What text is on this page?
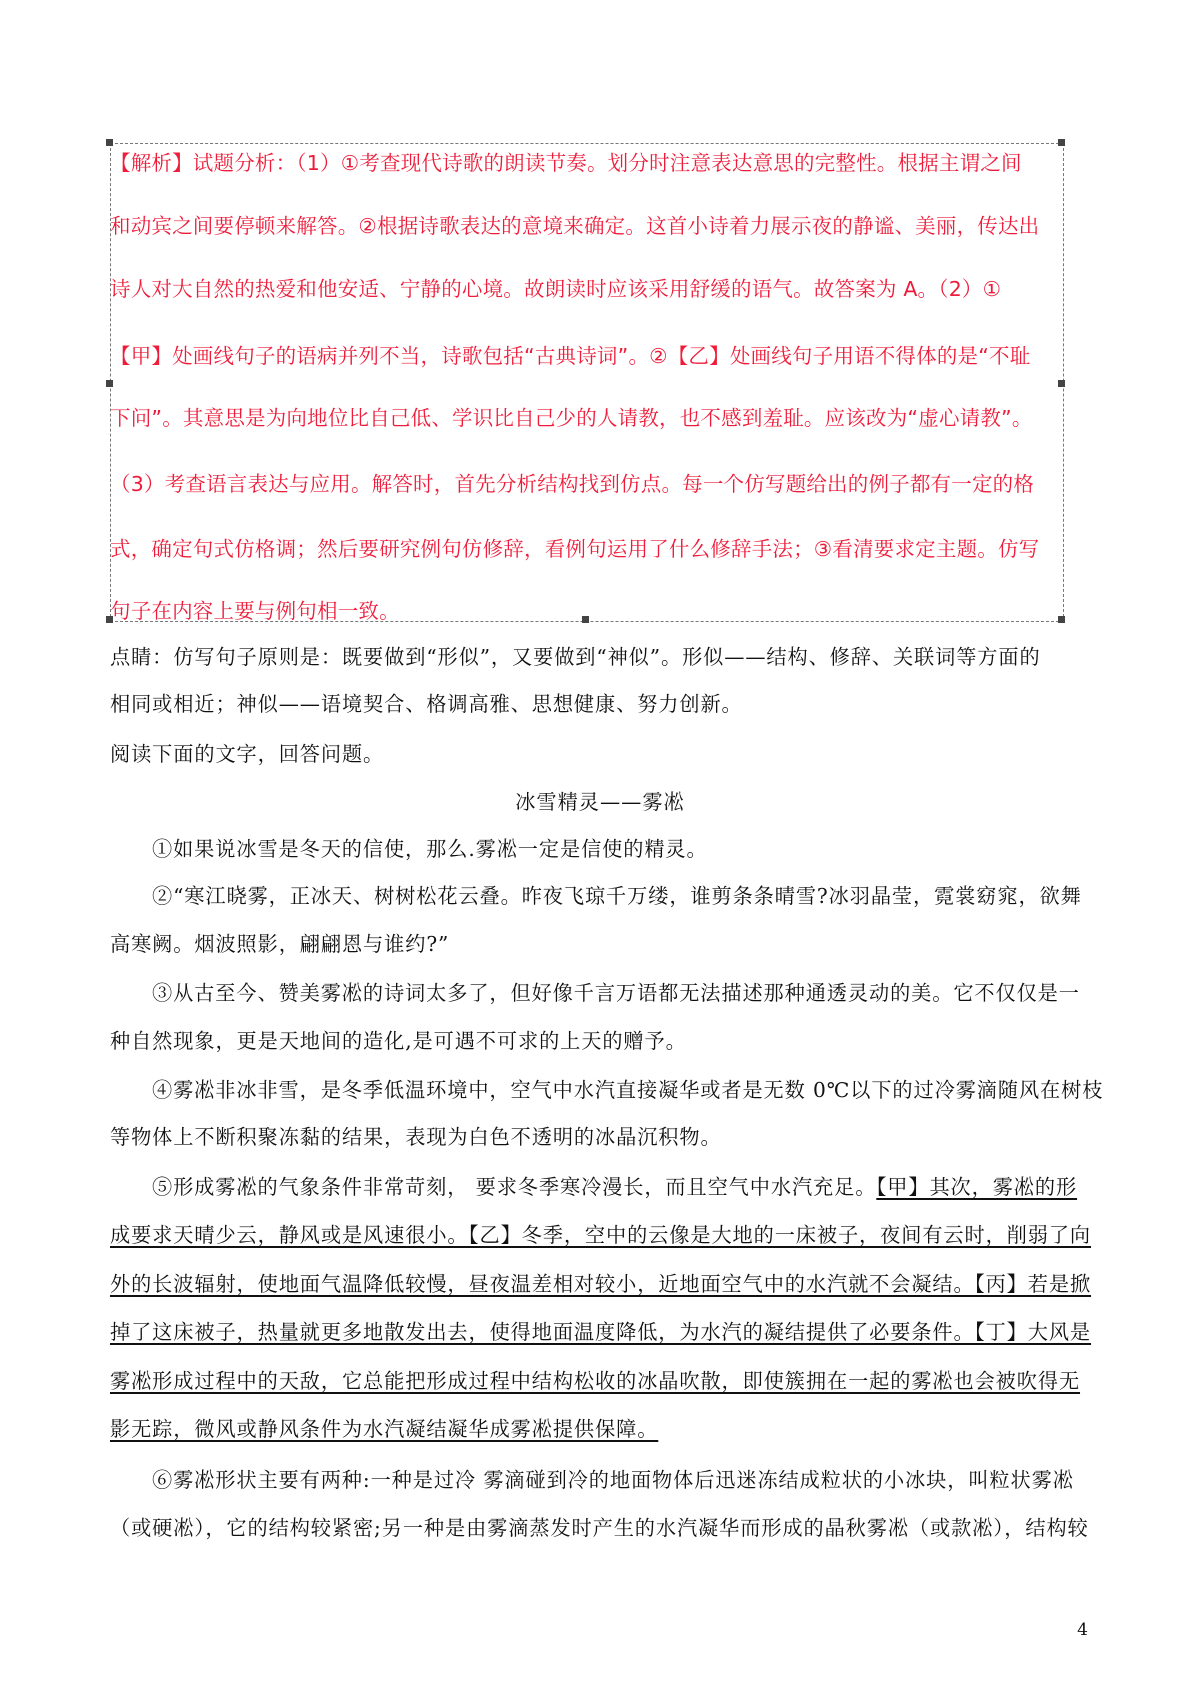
【解析】试题分析：（1）①考查现代诗歌的朗读节奏。划分时注意表达意思的完整性。根据主谓之间
和动宾之间要停顿来解答。②根据诗歌表达的意境来确定。这首小诗着力展示夜的静谧、美丽，传达出
诗人对大自然的热爱和他安适、宁静的心境。故朗读时应该采用舒缓的语气。故答案为 A。（2）①
【甲】处画线句子的语病并列不当，诗歌包括“古典诗词”。②【乙】处画线句子用语不得体的是“不耻
下问”。其意思是为向地位比自己低、学识比自己少的人请教，也不感到羞耻。应该改为“虚心请教”。
（3）考查语言表达与应用。解答时，首先分析结构找到仿点。每一个仿写题给出的例子都有一定的格
式，确定句式仿格调；然后要研究例句仿修辞，看例句运用了什么修辞手法；③看清要求定主题。仿写
句子在内容上要与例句相一致。
点睛：仿写句子原则是：既要做到“形似”，又要做到“神似”。形似——结构、修辞、关联词等方面的
相同或相近；神似——语境契合、格调高雅、思想健康、努力创新。
阅读下面的文字，回答问题。
冰雪精灵——雾凇
①如果说冰雪是冬天的信使，那么.雾凇一定是信使的精灵。
②“寒江晓雾，正冰天、树树松花云叠。昨夜飞琼千万缕，谁剪条条晴雪?冰羽晶莹，霓裳窈窕，欲舞
高寒阙。烟波照影，翩翩恩与谁约?”
③从古至今、赞美雾凇的诗词太多了，但好像千言万语都无法描述那种通透灵动的美。它不仅仅是一
种自然现象，更是天地间的造化,是可遇不可求的上天的赠予。
④雾凇非冰非雪，是冬季低温环境中，空气中水汽直接凝华或者是无数 0℃以下的过冷雾滴随风在树枝
等物体上不断积聚冻黏的结果，表现为白色不透明的冰晶沉积物。
⑤形成雾凇的气象条件非常苛刻， 要求冬季寒冷漫长，而且空气中水汽充足。【甲】其次，雾凇的形
成要求天晴少云，静风或是风速很小。【乙】冬季，空中的云像是大地的一床被子，夜间有云时，削弱了向
外的长波辐射，使地面气温降低较慢，昼夜温差相对较小，近地面空气中的水汽就不会凝结。【丙】若是掀
掉了这床被子，热量就更多地散发出去，使得地面温度降低，为水汽的凝结提供了必要条件。【丁】大风是
雾凇形成过程中的天敌，它总能把形成过程中结构松收的冰晶吹散，即使簇拥在一起的雾凇也会被吹得无
影无踪，微风或静风条件为水汽凝结凝华成雾凇提供保障。
⑥雾凇形状主要有两种:一种是过冷 雾滴碰到冷的地面物体后迅迷冻结成粒状的小冰块，叫粒状雾凇
（或硬凇），它的结构较紧密;另一种是由雾滴蒸发时产生的水汽凝华而形成的晶秋雾凇（或款凇），结构较
4
